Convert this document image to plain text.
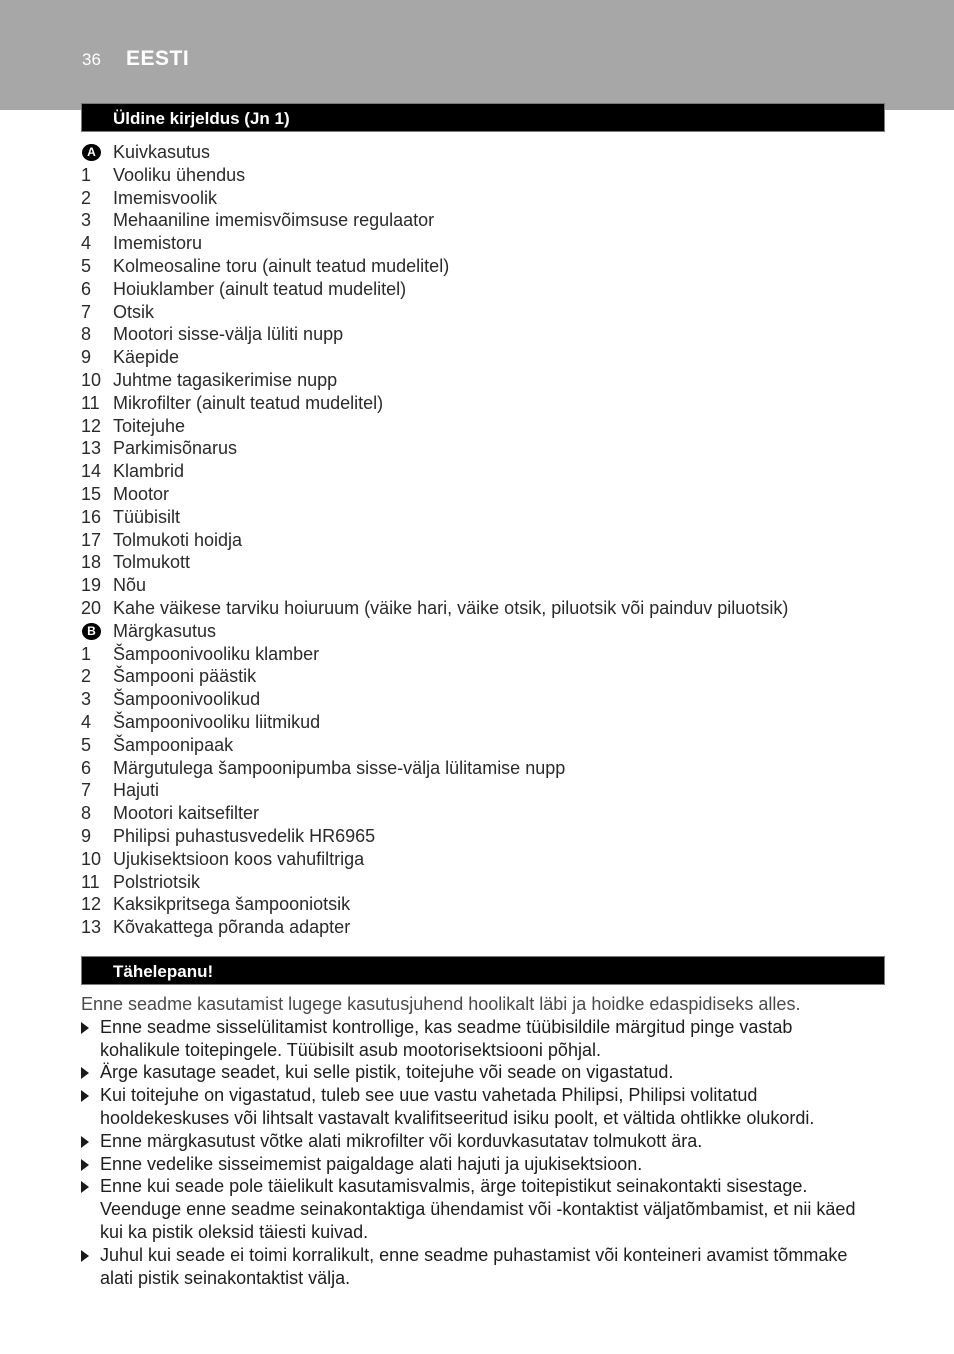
36 EESTI
Üldine kirjeldus (Jn 1)
A Kuivkasutus
1	Vooliku ühendus
2	Imemisvoolik
3	Mehaaniline imemisvõimsuse regulaator
4	Imemistoru
5	Kolmeosaline toru (ainult teatud mudelitel)
6	Hoiuklamber (ainult teatud mudelitel)
7	Otsik
8	Mootori sisse-välja lüliti nupp
9	Käepide
10 Juhtme tagasikerimise nupp
11 Mikrofilter (ainult teatud mudelitel)
12 Toitejuhe
13 Parkimisõnarus
14 Klambrid
15 Mootor
16 Tüübisilt
17 Tolmukoti hoidja
18 Tolmukott
19 Nõu
20 Kahe väikese tarviku hoiuruum (väike hari, väike otsik, piluotsik või painduv piluotsik)
B Märgkasutus
1	Šampoonivooliku klamber
2	Šampooni päästik
3	Šampoonivoolikud
4	Šampoonivooliku liitmikud
5	Šampoonipaak
6	Märgutulega šampoonipumba sisse-välja lülitamise nupp
7	Hajuti
8	Mootori kaitsefilter
9	Philipsi puhastusvedelik HR6965
10 Ujukisektsioon koos vahufiltriga
11 Polstriotsik
12 Kaksikpritsega šampooniotsik
13 Kõvakattega põranda adapter
Tähelepanu!

Enne seadme kasutamist lugege kasutusjuhend hoolikalt läbi ja hoidke edaspidiseks alles.

Enne seadme sisselülitamist kontrollige, kas seadme tüübisildile märgitud pinge vastab
kohalikule toitepingele. Tüübisilt asub mootorisektsiooni põhjal.
Ärge kasutage seadet, kui selle pistik, toitejuhe või seade on vigastatud.
Kui toitejuhe on vigastatud, tuleb see uue vastu vahetada Philipsi, Philipsi volitatud
hooldekeskuses või lihtsalt vastavalt kvalifitseeritud isiku poolt, et vältida ohtlikke olukordi.
Enne märgkasutust võtke alati mikrofilter või korduvkasutatav tolmukott ära.
Enne vedelike sisseimemist paigaldage alati hajuti ja ujukisektsioon.
Enne kui seade pole täielikult kasutamisvalmis, ärge toitepistikut seinakontakti sisestage.
Veenduge enne seadme seinakontaktiga ühendamist või -kontaktist väljatõmbamist, et nii käed
kui ka pistik oleksid täiesti kuivad.
Juhul kui seade ei toimi korralikult, enne seadme puhastamist või konteineri avamist tõmmake
alati pistik seinakontaktist välja.
